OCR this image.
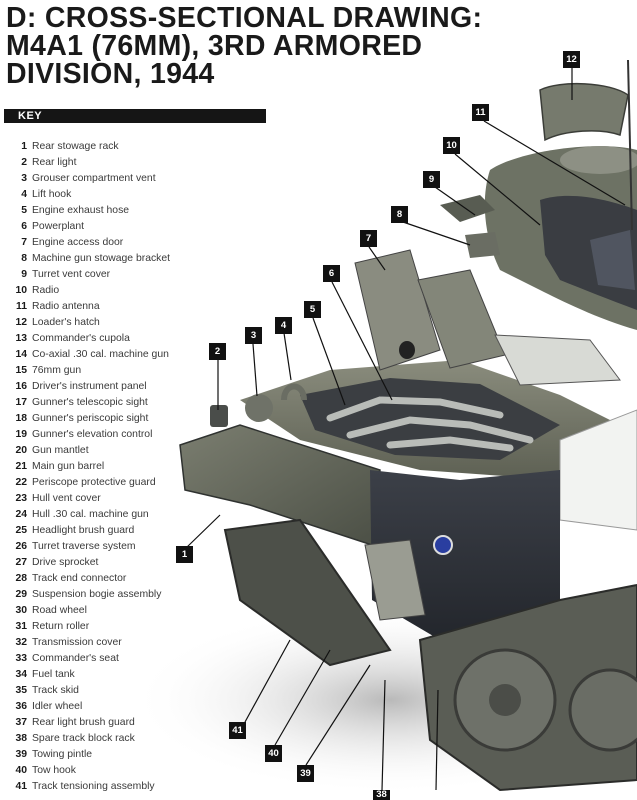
D: CROSS-SECTIONAL DRAWING:
M4A1 (76MM), 3RD ARMORED
DIVISION, 1944
KEY
1 Rear stowage rack
2 Rear light
3 Grouser compartment vent
4 Lift hook
5 Engine exhaust hose
6 Powerplant
7 Engine access door
8 Machine gun stowage bracket
9 Turret vent cover
10 Radio
11 Radio antenna
12 Loader's hatch
13 Commander's cupola
14 Co-axial .30 cal. machine gun
15 76mm gun
16 Driver's instrument panel
17 Gunner's telescopic sight
18 Gunner's periscopic sight
19 Gunner's elevation control
20 Gun mantlet
21 Main gun barrel
22 Periscope protective guard
23 Hull vent cover
24 Hull .30 cal. machine gun
25 Headlight brush guard
26 Turret traverse system
27 Drive sprocket
28 Track end connector
29 Suspension bogie assembly
30 Road wheel
31 Return roller
32 Transmission cover
33 Commander's seat
34 Fuel tank
35 Track skid
36 Idler wheel
37 Rear light brush guard
38 Spare track block rack
39 Towing pintle
40 Tow hook
41 Track tensioning assembly
1
2
3
4
5
6
7
8
9
10
11
12
39
40
41
38
